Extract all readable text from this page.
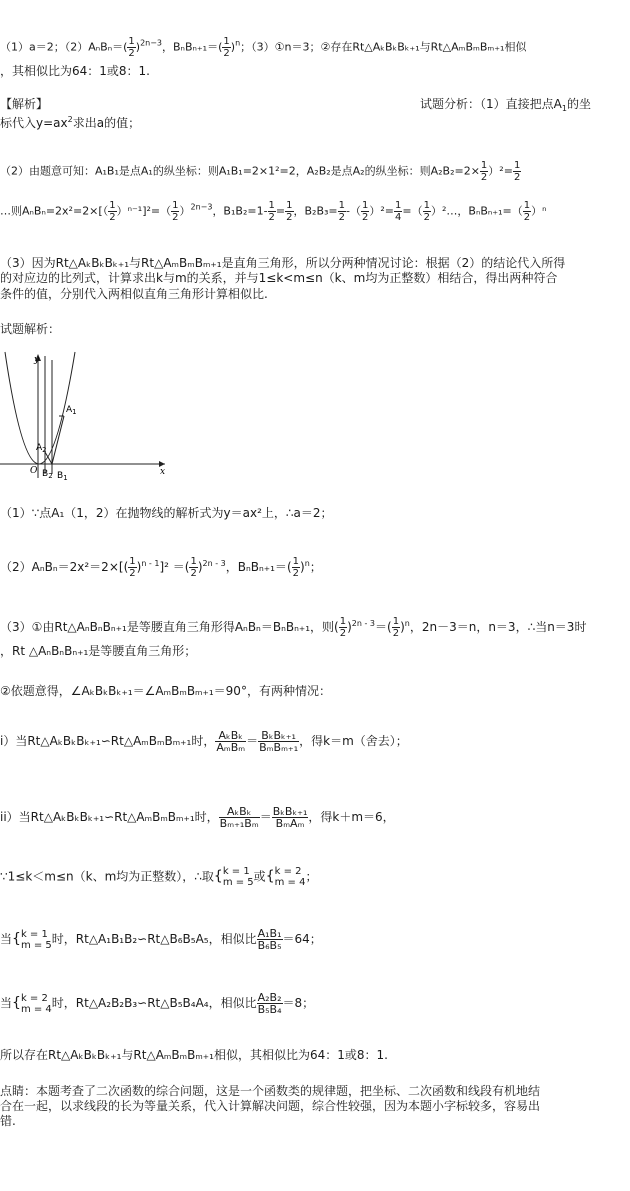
（1）a＝2；$(2)A_nB_n=( \frac{1}{2} )^{2n-3}$，$B_nB_{n+1}=( \frac{1}{2} )^n$；（3）①n＝3；②存在Rt△AₖBₖBₖ₊₁与Rt△AₘBₘBₘ₊₁相似
，其相似比为64：1或8：1.
【解析】	试题分析：（1）直接把点$A_1$的坐
标代入$y=ax^2$求出a的值；
（2）由题意可知：A₁B₁是点A₁的纵坐标：则A₁B₁=2×1²=2，A₂B₂是点A₂的纵坐标：则$A_2B_2=2\times \frac{1}{2} )^2= \frac{1}{2}$
…则$A_nB_n=2x^2=2\times[( \frac{1}{2} )^{n-1}]^2=( \frac{1}{2} )^{2n-3}$，$B_1B_2=1- \frac{1}{2} = \frac{1}{2}$ ，$B_2B_3= \frac{1}{2}$ -（ $\frac{1}{2} )^2= \frac{1}{4}$ =（ $\frac{1}{2}$ ）²…，$B_nB_{n+1}=( \frac{1}{2} )^n$
（3）因为Rt△AₖBₖBₖ₊₁与Rt△AₘBₘBₘ₊₁是直角三角形，所以分两种情况讨论：根据（2）的结论代入所得
的对应边的比列式，计算求出k与m的关系，并与1≤k<m≤n（k、m均为正整数）相结合，得出两种符合
条件的值，分别代入两相似直角三角形计算相似比.
试题解析：
y
x
O
$A_1$
$A_2$
$B_2$ $B_1$
（1）∵点A₁（1，2）在抛物线的解析式为y＝ax²上，∴a＝2；
$(2)A_nB_n=2x^2=2\times[( \frac{1}{2} )^{n - 1}]^2$ ＝( $\frac{1}{2} )^{2n - 3}$，$B_nB_{n+1}=( \frac{1}{2} )^n$；
（3）①由Rt△AₙBₙBₙ₊₁是等腰直角三角形得AₙBₙ＝BₙBₙ₊₁，则( $\frac{1}{2} )^{2n - 3}=( \frac{1}{2} )^n$，2n－3＝n，n＝3，∴当n＝3时
，Rt △AₙBₙBₙ₊₁是等腰直角三角形；
②依题意得，∠AₖBₖBₖ₊₁＝∠AₘBₘBₘ₊₁＝90°，有两种情况：
i）当Rt△AₖBₖBₖ₊₁∽Rt△AₘBₘBₘ₊₁时， $\frac{\text{AₖBₖ}}{\text{AₘBₘ}} = \frac{\text{BₖBₖ₊₁}}{\text{BₘBₘ₊₁}}$ ，得k＝m（舍去）；
ii）当Rt△AₖBₖBₖ₊₁∽Rt△AₘBₘBₘ₊₁时， $\frac{\text{AₖBₖ}}{\text{Bₘ₊₁Bₘ}} = \frac{\text{BₖBₖ₊₁}}{\text{BₘAₘ}}$ ，得k＋m＝6，
∵1≤k＜m≤n（k、m均为正整数），∴取{ k = 1
m = 5 或{ k = 2
m = 4 ；
当{ k = 1
m = 5 时，Rt△A₁B₁B₂∽Rt△B₆B₅A₅，相似比 $\frac{\text{A₁B₁}}{\text{B₆B₅}} =64$；
当{ k = 2
m = 4 时，Rt△A₂B₂B₃∽Rt△B₅B₄A₄，相似比 $\frac{\text{A₂B₂}}{\text{B₅B₄}} =8$；
所以存在Rt△AₖBₖBₖ₊₁与Rt△AₘBₘBₘ₊₁相似，其相似比为64：1或8：1.
点睛：本题考查了二次函数的综合问题，这是一个函数类的规律题，把坐标、二次函数和线段有机地结
合在一起，以求线段的长为等量关系，代入计算解决问题，综合性较强，因为本题小字标较多，容易出
错.
